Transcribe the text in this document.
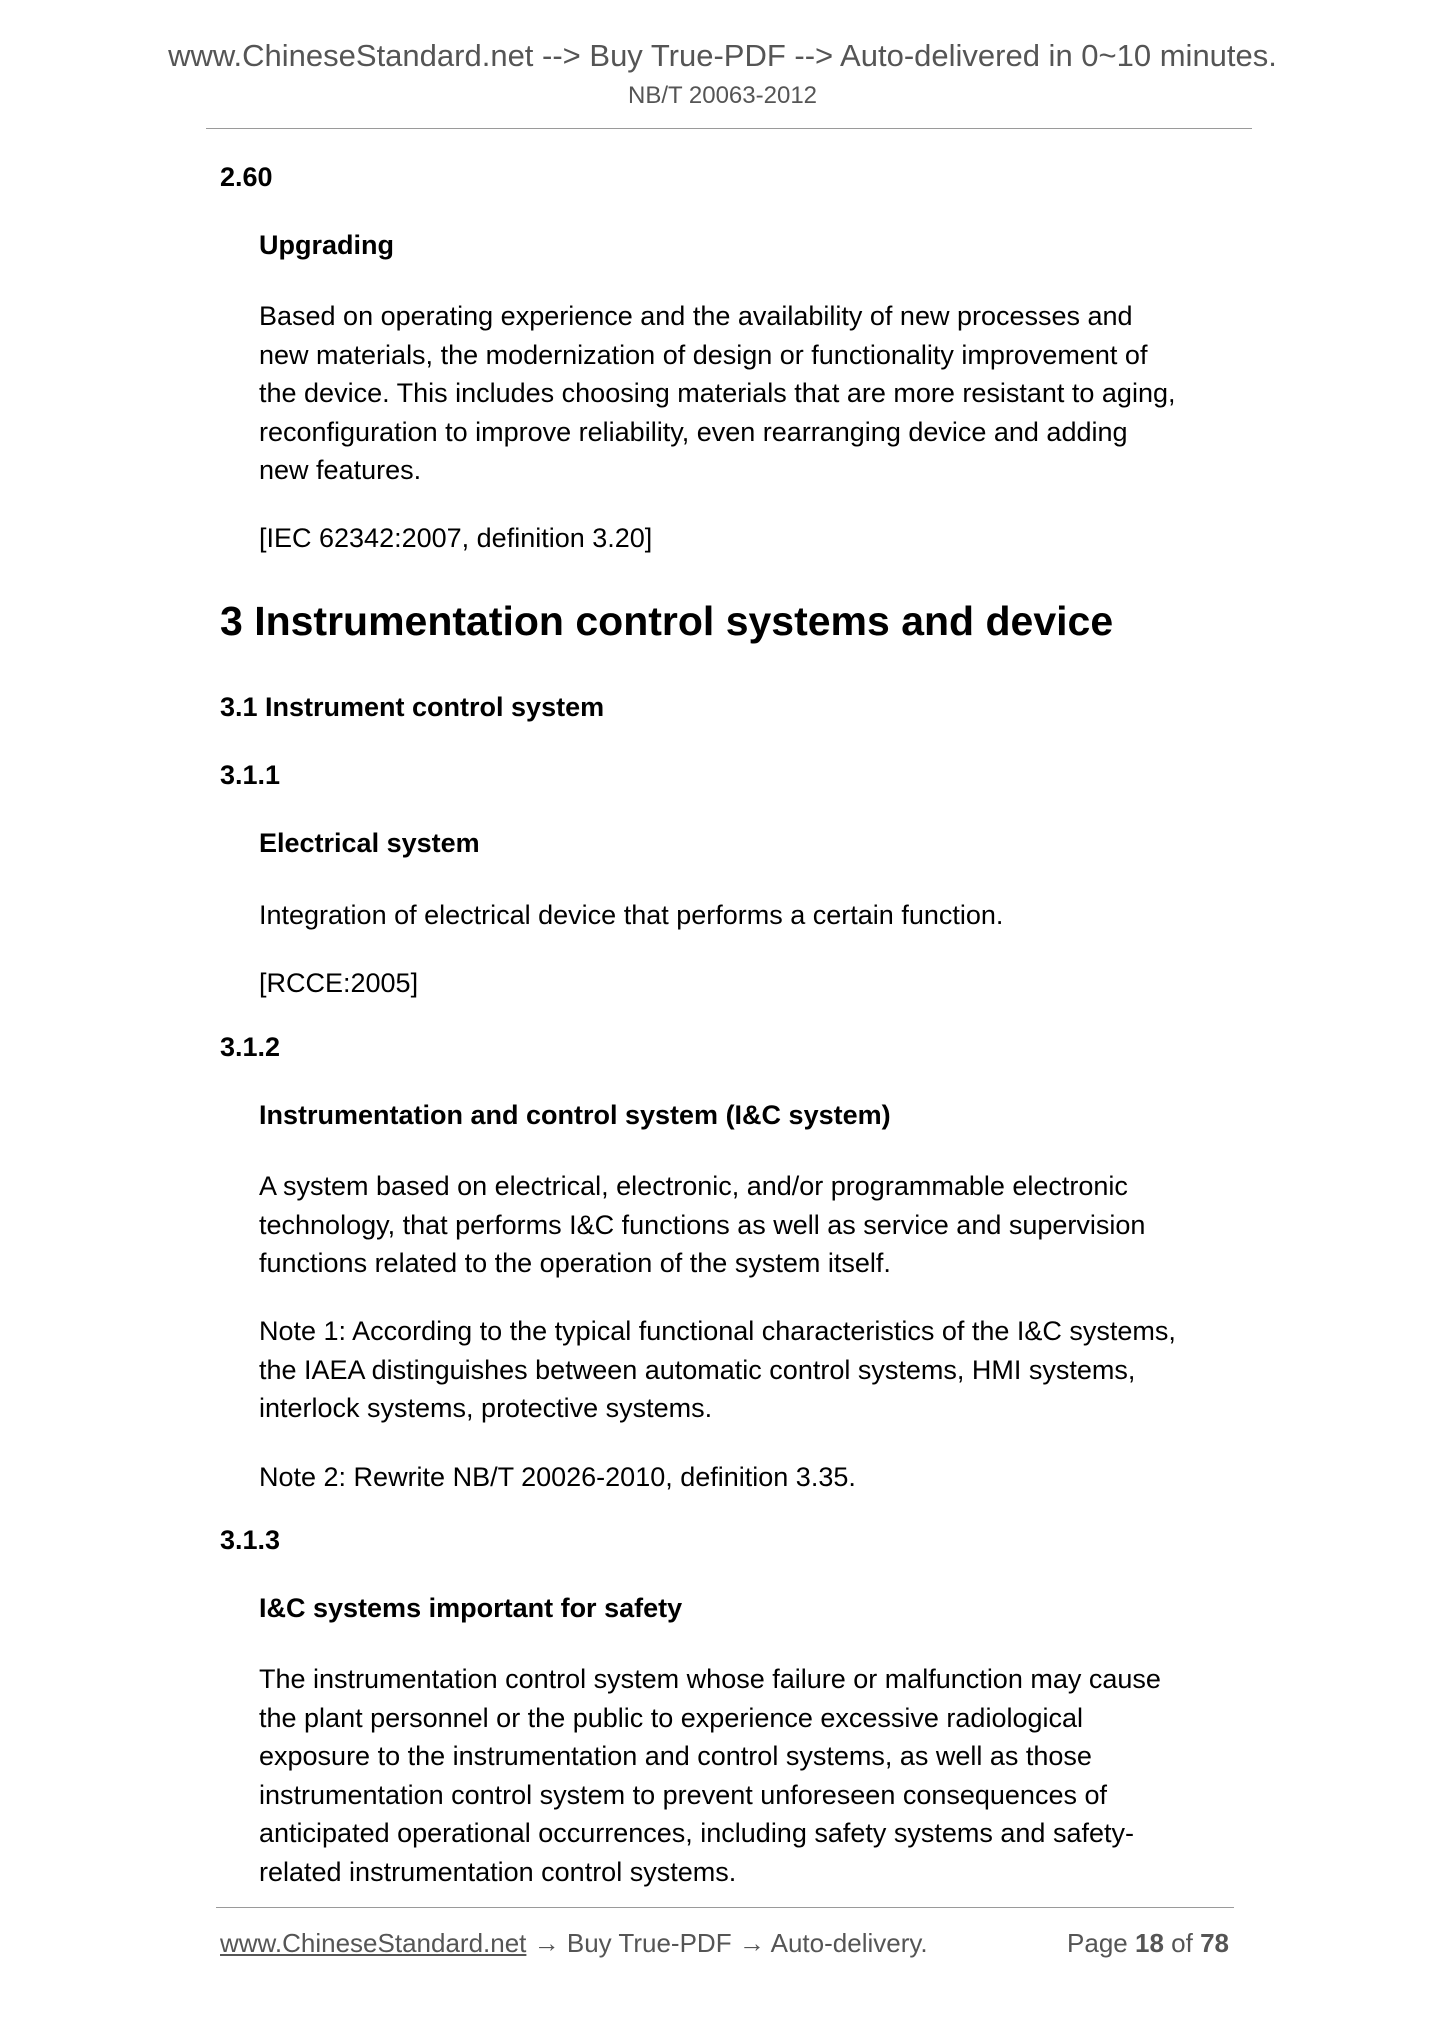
www.ChineseStandard.net --> Buy True-PDF --> Auto-delivered in 0~10 minutes.
NB/T 20063-2012
2.60
Upgrading
Based on operating experience and the availability of new processes and
new materials, the modernization of design or functionality improvement of
the device. This includes choosing materials that are more resistant to aging,
reconfiguration to improve reliability, even rearranging device and adding
new features.
[IEC 62342:2007, definition 3.20]
3 Instrumentation control systems and device
3.1 Instrument control system
3.1.1
Electrical system
Integration of electrical device that performs a certain function.
[RCCE:2005]
3.1.2
Instrumentation and control system (I&C system)
A system based on electrical, electronic, and/or programmable electronic
technology, that performs I&C functions as well as service and supervision
functions related to the operation of the system itself.
Note 1: According to the typical functional characteristics of the I&C systems,
the IAEA distinguishes between automatic control systems, HMI systems,
interlock systems, protective systems.
Note 2: Rewrite NB/T 20026-2010, definition 3.35.
3.1.3
I&C systems important for safety
The instrumentation control system whose failure or malfunction may cause
the plant personnel or the public to experience excessive radiological
exposure to the instrumentation and control systems, as well as those
instrumentation control system to prevent unforeseen consequences of
anticipated operational occurrences, including safety systems and safety-
related instrumentation control systems.
www.ChineseStandard.net → Buy True-PDF → Auto-delivery.	Page 18 of 78
